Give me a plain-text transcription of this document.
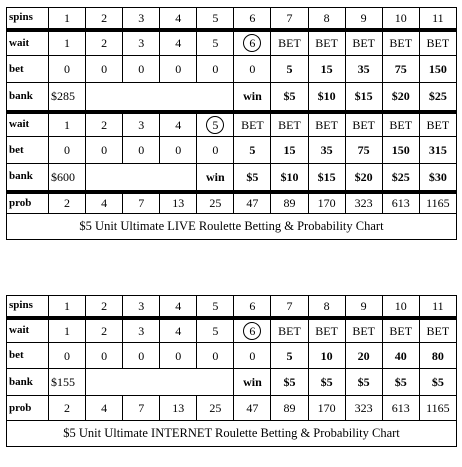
spins	1	2	3	4	5	6	7	8	9	10	11
wait	1	2	3	4	5	6	BET	BET	BET	BET	BET
bet	0	0	0	0	0	0	5	15	35	75	150
bank	$285					win	$5	$10	$15	$20	$25
wait	1	2	3	4	5	BET	BET	BET	BET	BET	BET
bet	0	0	0	0	0	5	15	35	75	150	315
bank	$600				win	$5	$10	$15	$20	$25	$30
prob	2	4	7	13	25	47	89	170	323	613	1165
$5 Unit Ultimate LIVE Roulette Betting & Probability Chart											
spins	1	2	3	4	5	6	7	8	9	10	11
wait	1	2	3	4	5	6	BET	BET	BET	BET	BET
bet	0	0	0	0	0	0	5	10	20	40	80
bank	$155					win	$5	$5	$5	$5	$5
prob	2	4	7	13	25	47	89	170	323	613	1165
$5 Unit Ultimate INTERNET Roulette Betting & Probability Chart											
